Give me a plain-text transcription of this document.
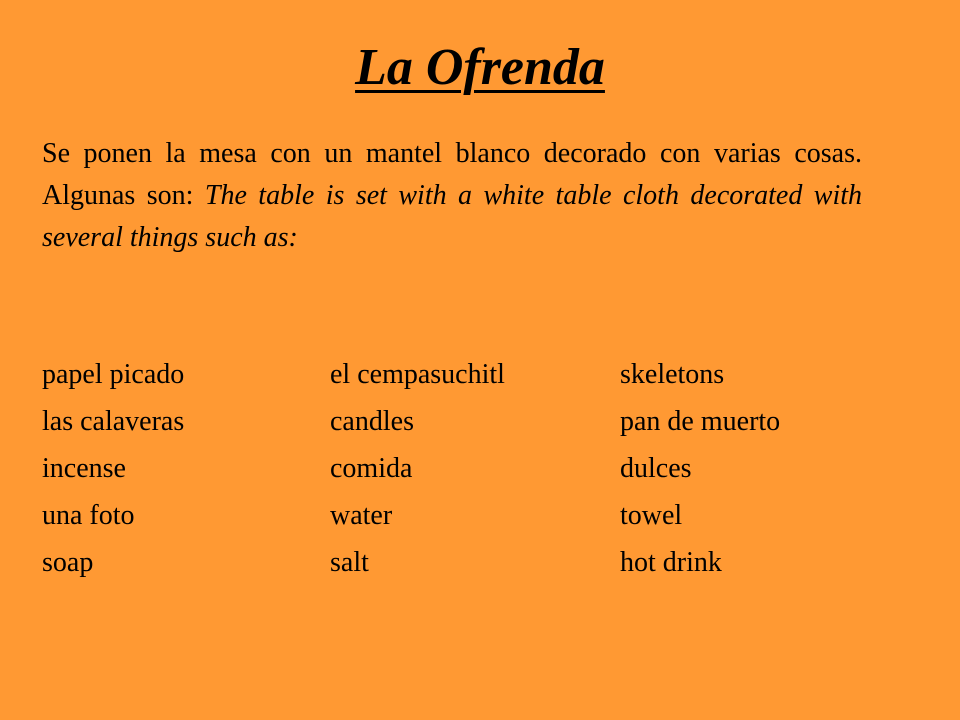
La Ofrenda

Se ponen la mesa con un mantel blanco decorado con varias cosas. Algunas son: The table is set with a white table cloth decorated with several things such as:

papel picado	el cempasuchitl	skeletons
las calaveras	candles	pan de muerto
incense	comida	dulces
una foto	water	towel
soap	salt	hot drink
